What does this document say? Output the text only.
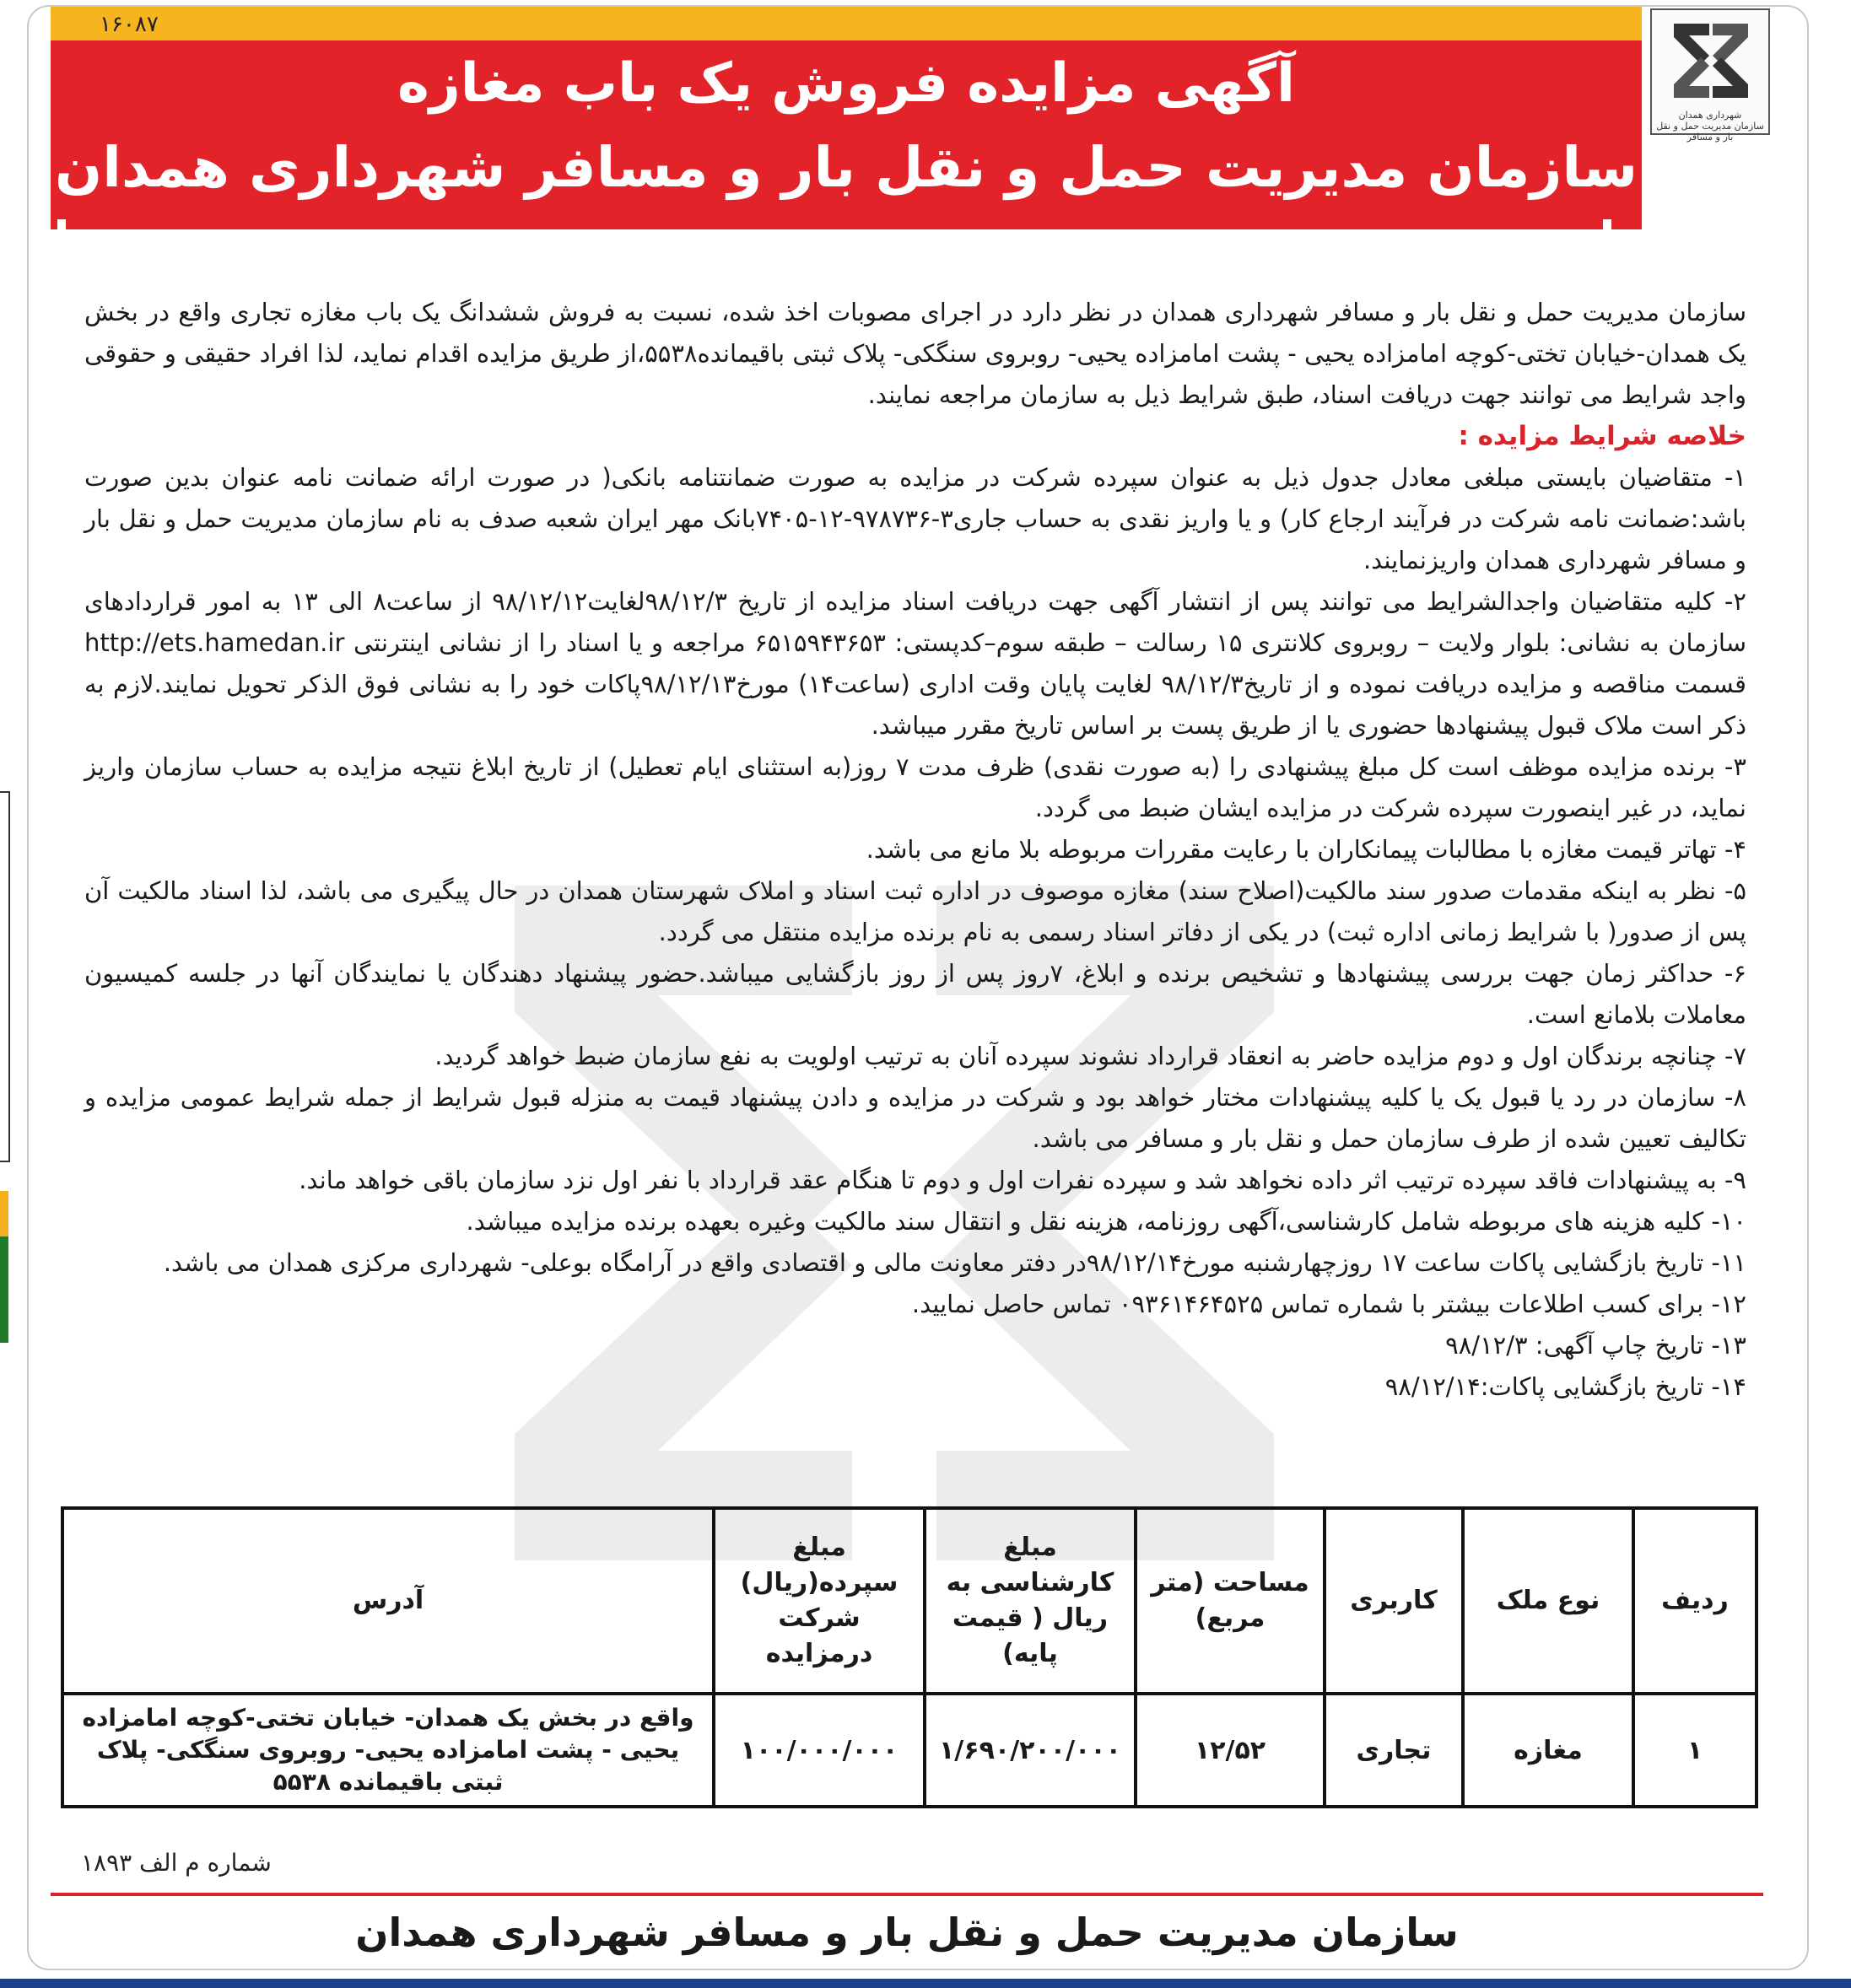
۱۶۰۸۷
آگهی مزایده فروش یک باب مغازه
سازمان مدیریت حمل و نقل بار و مسافر شهرداری همدان
شهرداری همدان
سازمان مدیریت حمل و نقل بار و مسافر

سازمان مدیریت حمل و نقل بار و مسافر شهرداری همدان در نظر دارد در اجرای مصوبات اخذ شده، نسبت به فروش ششدانگ یک باب مغازه تجاری واقع در بخش یک همدان-خیابان تختی-کوچه امامزاده یحیی - پشت امامزاده یحیی- روبروی سنگکی- پلاک ثبتی باقیمانده۵۵۳۸،از طریق مزایده اقدام نماید، لذا افراد حقیقی و حقوقی واجد شرایط می توانند جهت دریافت اسناد، طبق شرایط ذیل به سازمان مراجعه نمایند.

خلاصه شرایط مزایده :

۱- متقاضیان بایستی مبلغی معادل جدول ذیل به عنوان سپرده شرکت در مزایده به صورت ضمانتنامه بانکی( در صورت ارائه ضمانت نامه عنوان بدین صورت باشد:ضمانت نامه شرکت در فرآیند ارجاع کار) و یا واریز نقدی به حساب جاری۳-۹۷۸۷۳۶-۱۲-۷۴۰۵بانک مهر ایران شعبه صدف به نام سازمان مدیریت حمل و نقل بار و مسافر شهرداری همدان واریزنمایند.

۲- کلیه متقاضیان واجدالشرایط می توانند پس از انتشار آگهی جهت دریافت اسناد مزایده از تاریخ ۹۸/۱۲/۳لغایت۹۸/۱۲/۱۲ از ساعت۸ الی ۱۳ به امور قراردادهای سازمان به نشانی: بلوار ولایت – روبروی کلانتری ۱۵ رسالت – طبقه سوم–کدپستی: ۶۵۱۵۹۴۳۶۵۳ مراجعه و یا اسناد را از نشانی اینترنتی http://ets.hamedan.ir قسمت مناقصه و مزایده دریافت نموده و از تاریخ۹۸/۱۲/۳ لغایت پایان وقت اداری (ساعت۱۴) مورخ۹۸/۱۲/۱۳پاکات خود را به نشانی فوق الذکر تحویل نمایند.لازم به ذکر است ملاک قبول پیشنهادها حضوری یا از طریق پست بر اساس تاریخ مقرر میباشد.

۳- برنده مزایده موظف است کل مبلغ پیشنهادی را (به صورت نقدی) ظرف مدت ۷ روز(به استثنای ایام تعطیل) از تاریخ ابلاغ نتیجه مزایده به حساب سازمان واریز نماید، در غیر اینصورت سپرده شرکت در مزایده ایشان ضبط می گردد.

۴- تهاتر قیمت مغازه با مطالبات پیمانکاران با رعایت مقررات مربوطه بلا مانع می باشد.

۵- نظر به اینکه مقدمات صدور سند مالکیت(اصلاح سند) مغازه موصوف در اداره ثبت اسناد و املاک شهرستان همدان در حال پیگیری می باشد، لذا اسناد مالکیت آن پس از صدور( با شرایط زمانی اداره ثبت) در یکی از دفاتر اسناد رسمی به نام برنده مزایده منتقل می گردد.

۶- حداکثر زمان جهت بررسی پیشنهادها و تشخیص برنده و ابلاغ، ۷روز پس از روز بازگشایی میباشد.حضور پیشنهاد دهندگان یا نمایندگان آنها در جلسه کمیسیون معاملات بلامانع است.

۷- چنانچه برندگان اول و دوم مزایده حاضر به انعقاد قرارداد نشوند سپرده آنان به ترتیب اولویت به نفع سازمان ضبط خواهد گردید.

۸- سازمان در رد یا قبول یک یا کلیه پیشنهادات مختار خواهد بود و شرکت در مزایده و دادن پیشنهاد قیمت به منزله قبول شرایط از جمله شرایط عمومی مزایده و تکالیف تعیین شده از طرف سازمان حمل و نقل بار و مسافر می باشد.

۹- به پیشنهادات فاقد سپرده ترتیب اثر داده نخواهد شد و سپرده نفرات اول و دوم تا هنگام عقد قرارداد با نفر اول نزد سازمان باقی خواهد ماند.

۱۰- کلیه هزینه های مربوطه شامل کارشناسی،آگهی روزنامه، هزینه نقل و انتقال سند مالکیت وغیره بعهده برنده مزایده میباشد.

۱۱- تاریخ بازگشایی پاکات ساعت ۱۷ روزچهارشنبه مورخ۹۸/۱۲/۱۴در دفتر معاونت مالی و اقتصادی واقع در آرامگاه بوعلی- شهرداری مرکزی همدان می باشد.

۱۲- برای کسب اطلاعات بیشتر با شماره تماس ۰۹۳۶۱۴۶۴۵۲۵ تماس حاصل نمایید.

۱۳- تاریخ چاپ آگهی: ۹۸/۱۲/۳

۱۴- تاریخ بازگشایی پاکات:۹۸/۱۲/۱۴

ردیف	نوع ملک	کاربری	مساحت (متر مربع)	مبلغ کارشناسی به ریال ( قیمت پایه)	مبلغ سپرده(ریال) شرکت درمزایده	آدرس
۱	مغازه	تجاری	۱۲/۵۲	۱/۶۹۰/۲۰۰/۰۰۰	۱۰۰/۰۰۰/۰۰۰	واقع در بخش یک همدان- خیابان تختی-کوچه امامزاده یحیی - پشت امامزاده یحیی- روبروی سنگکی- پلاک ثبتی باقیمانده ۵۵۳۸
شماره م الف ۱۸۹۳
سازمان مدیریت حمل و نقل بار و مسافر شهرداری همدان
